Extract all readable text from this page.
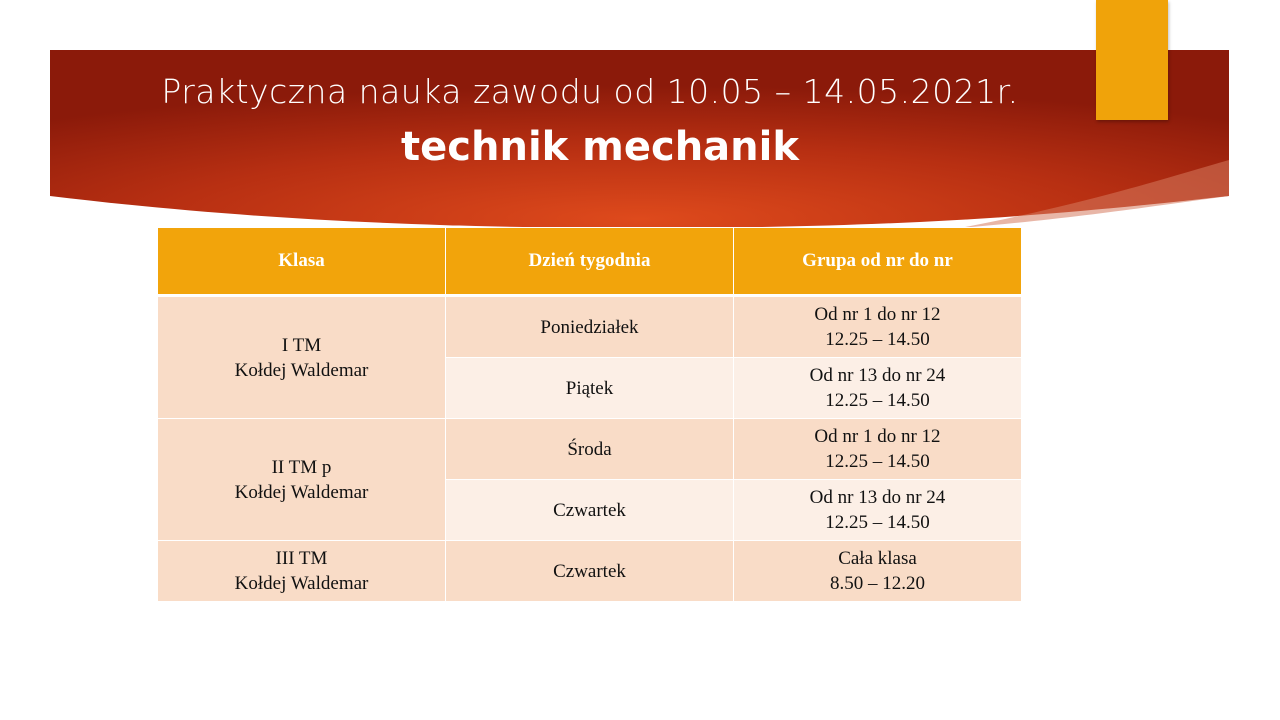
Praktyczna nauka zawodu od 10.05 – 14.05.2021r.
technik mechanik
Klasa	Dzień tygodnia	Grupa od nr do nr

I TM
Kołdej Waldemar	Poniedziałek	Od nr 1 do nr 12
12.25 – 14.50

	Piątek	Od nr 13 do nr 24
12.25 – 14.50

II TM p
Kołdej Waldemar	Środa	Od nr 1 do nr 12
12.25 – 14.50

	Czwartek	Od nr 13 do nr 24
12.25 – 14.50

III TM
Kołdej Waldemar	Czwartek	Cała klasa
8.50 – 12.20
